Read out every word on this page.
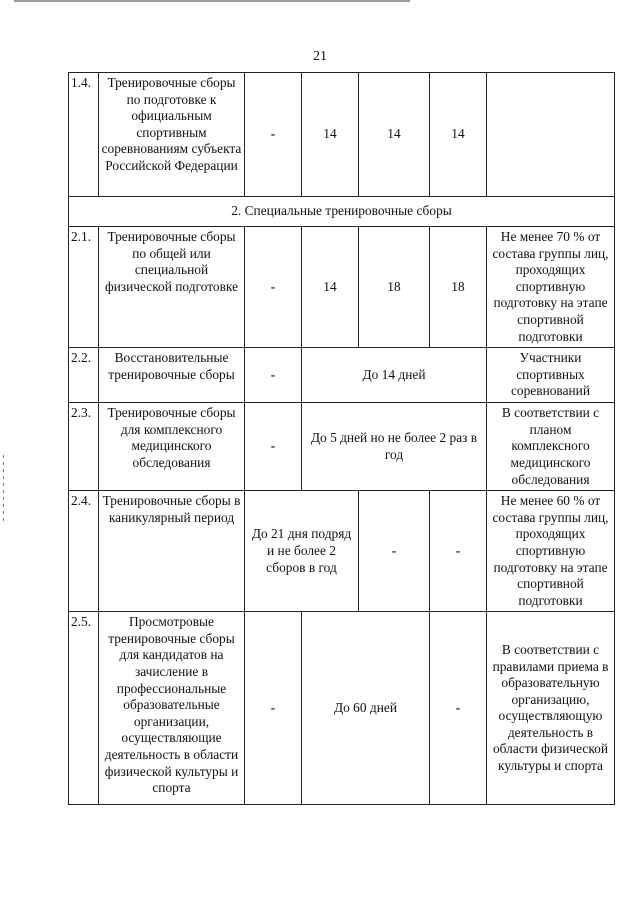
21
1.4.	Тренировочные сборы по подготовке к официальным спортивным соревнованиям субъекта Российской Федерации	-	14	14	14	
2. Специальные тренировочные сборы						
2.1.	Тренировочные сборы по общей или специальной физической подготовке	-	14	18	18	Не менее 70 % от состава группы лиц, проходящих спортивную подготовку на этапе спортивной подготовки
2.2.	Восстановительные тренировочные сборы	-	До 14 дней			Участники спортивных соревнований
2.3.	Тренировочные сборы для комплексного медицинского обследования	-	До 5 дней но не более 2 раз в год			В соответствии с планом комплексного медицинского обследования
2.4.	Тренировочные сборы в каникулярный период	До 21 дня подряд и не более 2 сборов в год		-	-	Не менее 60 % от состава группы лиц, проходящих спортивную подготовку на этапе спортивной подготовки
2.5.	Просмотровые тренировочные сборы для кандидатов на зачисление в профессиональные образовательные организации, осуществляющие деятельность в области физической культуры и спорта	-	До 60 дней		-	В соответствии с правилами приема в образовательную организацию, осуществляющую деятельность в области физической культуры и спорта
